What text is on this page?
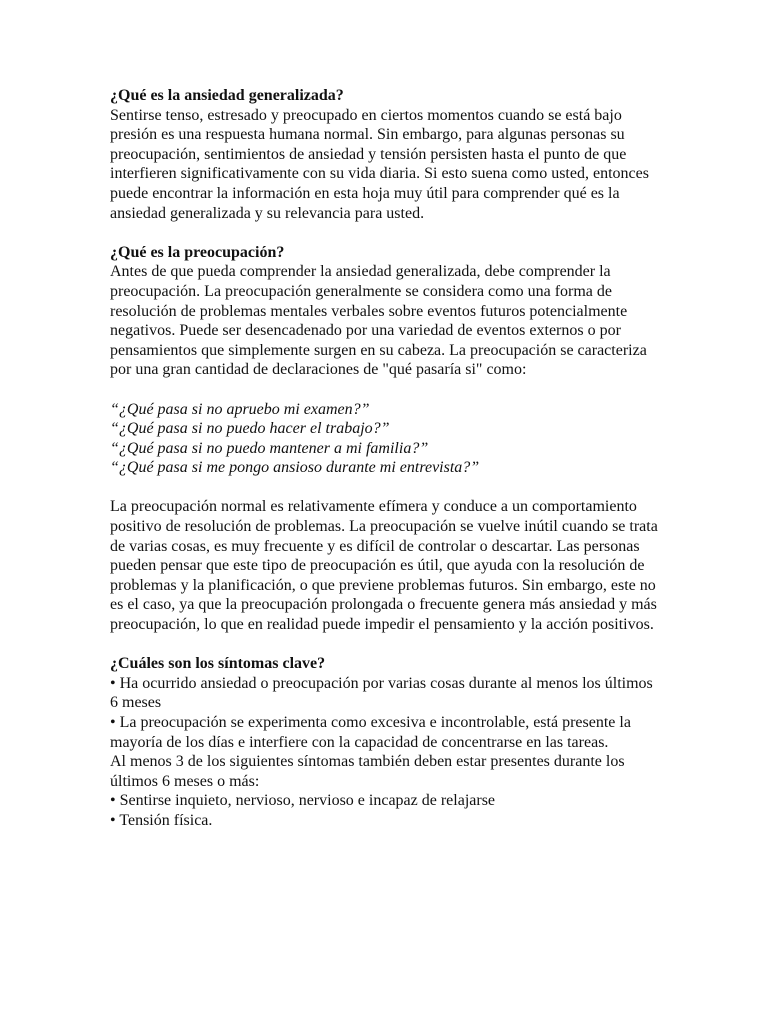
¿Qué es la ansiedad generalizada?

Sentirse tenso, estresado y preocupado en ciertos momentos cuando se está bajo presión es una respuesta humana normal. Sin embargo, para algunas personas su preocupación, sentimientos de ansiedad y tensión persisten hasta el punto de que interfieren significativamente con su vida diaria. Si esto suena como usted, entonces puede encontrar la información en esta hoja muy útil para comprender qué es la ansiedad generalizada y su relevancia para usted.

¿Qué es la preocupación?

Antes de que pueda comprender la ansiedad generalizada, debe comprender la preocupación. La preocupación generalmente se considera como una forma de resolución de problemas mentales verbales sobre eventos futuros potencialmente negativos. Puede ser desencadenado por una variedad de eventos externos o por pensamientos que simplemente surgen en su cabeza. La preocupación se caracteriza por una gran cantidad de declaraciones de "qué pasaría si" como:

“¿Qué pasa si no apruebo mi examen?”

“¿Qué pasa si no puedo hacer el trabajo?”

“¿Qué pasa si no puedo mantener a mi familia?”

“¿Qué pasa si me pongo ansioso durante mi entrevista?”

La preocupación normal es relativamente efímera y conduce a un comportamiento positivo de resolución de problemas. La preocupación se vuelve inútil cuando se trata de varias cosas, es muy frecuente y es difícil de controlar o descartar. Las personas pueden pensar que este tipo de preocupación es útil, que ayuda con la resolución de problemas y la planificación, o que previene problemas futuros. Sin embargo, este no es el caso, ya que la preocupación prolongada o frecuente genera más ansiedad y más preocupación, lo que en realidad puede impedir el pensamiento y la acción positivos.

¿Cuáles son los síntomas clave?

• Ha ocurrido ansiedad o preocupación por varias cosas durante al menos los últimos 6 meses

• La preocupación se experimenta como excesiva e incontrolable, está presente la mayoría de los días e interfiere con la capacidad de concentrarse en las tareas.

Al menos 3 de los siguientes síntomas también deben estar presentes durante los últimos 6 meses o más:

• Sentirse inquieto, nervioso, nervioso e incapaz de relajarse

• Tensión física.
